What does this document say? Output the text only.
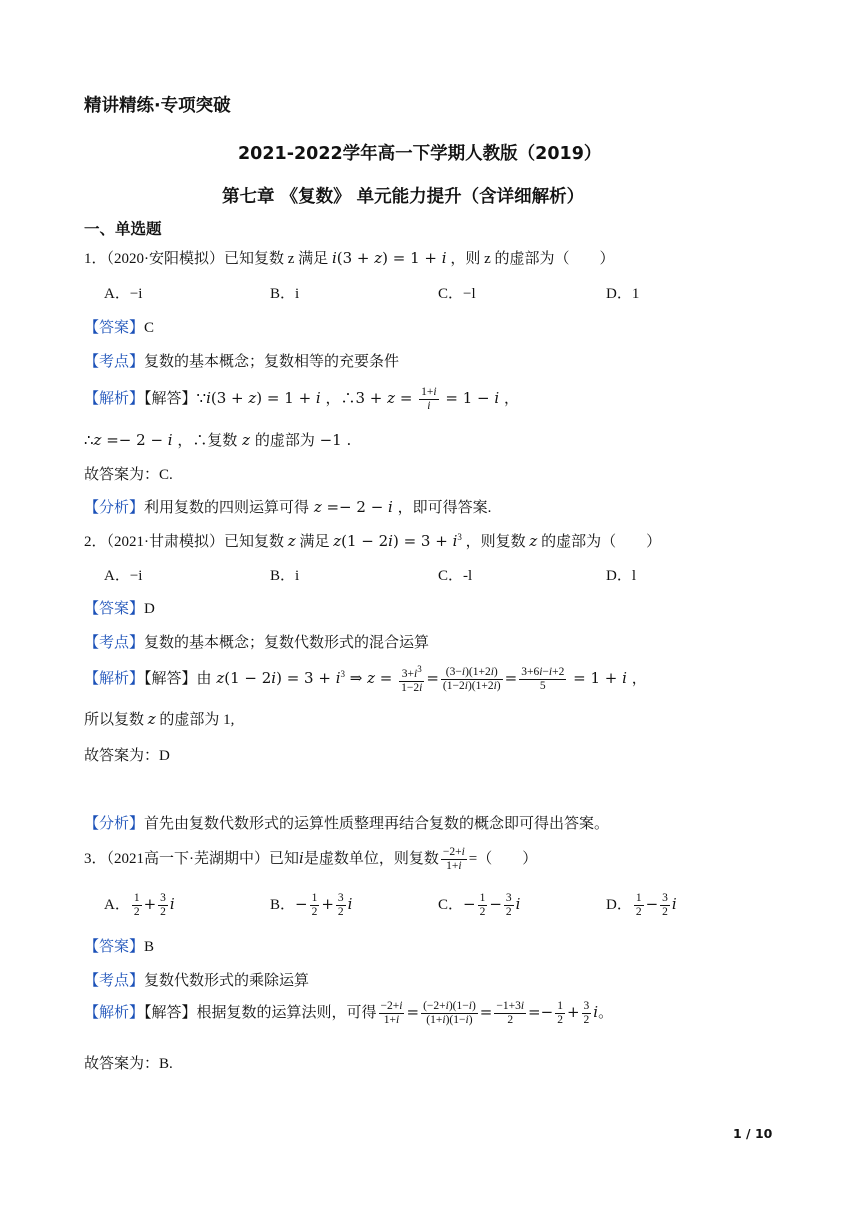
精讲精练·专项突破
2021-2022学年高一下学期人教版（2019）
第七章 《复数》 单元能力提升（含详细解析）
一、单选题
1．（2020·安阳模拟）已知复数 z 满足 i(3 + z) = 1 + i ，则 z 的虚部为（　　）
A．−i	B．i	C．−l	D．1
【答案】C
【考点】复数的基本概念；复数相等的充要条件
【解析】【解答】∵i(3 + z) = 1 + i ，∴3 + $z = \frac{1+i}{i} = 1 - i$ ，
∴z =− 2 − i ，∴复数 z 的虚部为 −1 .
故答案为：C.
【分析】利用复数的四则运算可得 z =− 2 − i ，即可得答案.
2．（2021·甘肃模拟）已知复数 z 满足 $z(1 - 2i) = 3 + i^3$ ，则复数 z 的虚部为（　　）
A．−i	B．i	C．-l	D．l
【答案】D
【考点】复数的基本概念；复数代数形式的混合运算
【解析】【解答】由 $z(1 - 2i) = 3 + i^3$ ⇒ $z = \frac{3+i^3}{1-2i} = \frac{(3-i)(1+2i)}{(1-2i)(1+2i)} = \frac{3+6i-i+2}{5} = 1 + i$ ，
所以复数 z 的虚部为 1,
故答案为：D
【分析】首先由复数代数形式的运算性质整理再结合复数的概念即可得出答案。
3．（2021高一下·芜湖期中）已知i是虚数单位，则复数 $\frac{-2+i}{1+i}$ =（　　）
A． $\frac{1}{2} + \frac{3}{2}$ i	B．− $\frac{1}{2} + \frac{3}{2}$ i	C．− $\frac{1}{2} - \frac{3}{2}$ i	D． $\frac{1}{2} - \frac{3}{2}$ i
【答案】B
【考点】复数代数形式的乘除运算
【解析】【解答】根据复数的运算法则，可得 $\frac{-2+i}{1+i} = \frac{(-2+i)(1-i)}{(1+i)(1-i)} = \frac{-1+3i}{2} =- \frac{1}{2} + \frac{3}{2}$ i。
故答案为：B.
1 / 10
